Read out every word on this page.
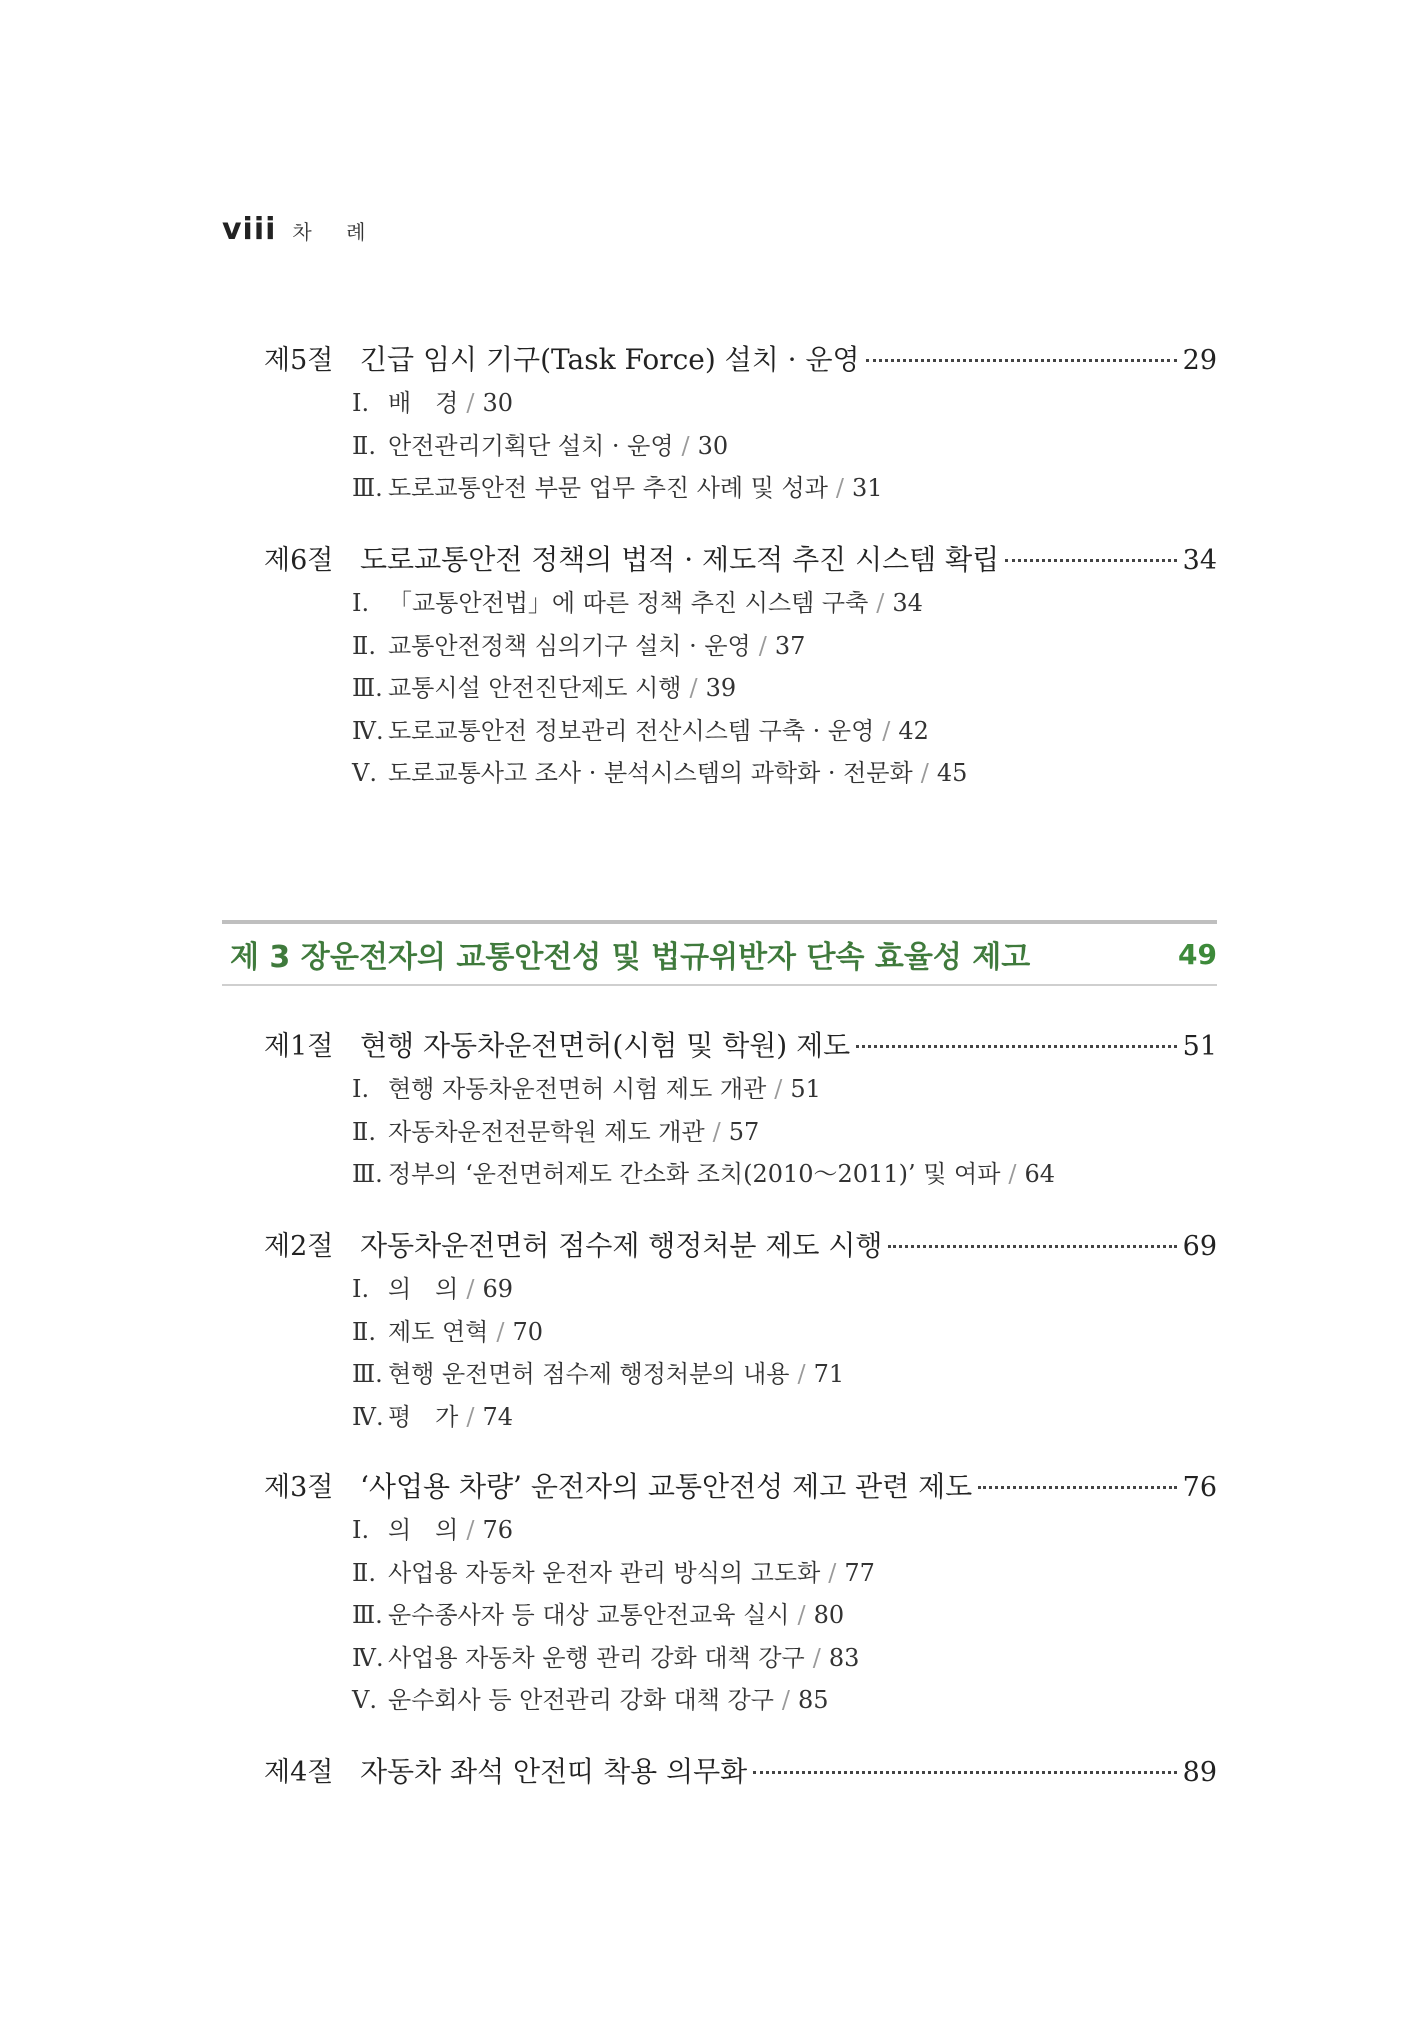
viii 차 례
제5절 긴급 임시 기구(Task Force) 설치 · 운영	29
Ⅰ. 배　경 / 30
Ⅱ. 안전관리기획단 설치 · 운영 / 30
Ⅲ. 도로교통안전 부문 업무 추진 사례 및 성과 / 31
제6절 도로교통안전 정책의 법적 · 제도적 추진 시스템 확립	34
Ⅰ. 「교통안전법」에 따른 정책 추진 시스템 구축 / 34
Ⅱ. 교통안전정책 심의기구 설치 · 운영 / 37
Ⅲ. 교통시설 안전진단제도 시행 / 39
Ⅳ. 도로교통안전 정보관리 전산시스템 구축 · 운영 / 42
Ⅴ. 도로교통사고 조사 · 분석시스템의 과학화 · 전문화 / 45
제 3 장 운전자의 교통안전성 및 법규위반자 단속 효율성 제고	49
제1절 현행 자동차운전면허(시험 및 학원) 제도	51
Ⅰ. 현행 자동차운전면허 시험 제도 개관 / 51
Ⅱ. 자동차운전전문학원 제도 개관 / 57
Ⅲ. 정부의 ‘운전면허제도 간소화 조치(2010～2011)’ 및 여파 / 64
제2절 자동차운전면허 점수제 행정처분 제도 시행	69
Ⅰ. 의　의 / 69
Ⅱ. 제도 연혁 / 70
Ⅲ. 현행 운전면허 점수제 행정처분의 내용 / 71
Ⅳ. 평　가 / 74
제3절 ‘사업용 차량’ 운전자의 교통안전성 제고 관련 제도	76
Ⅰ. 의　의 / 76
Ⅱ. 사업용 자동차 운전자 관리 방식의 고도화 / 77
Ⅲ. 운수종사자 등 대상 교통안전교육 실시 / 80
Ⅳ. 사업용 자동차 운행 관리 강화 대책 강구 / 83
Ⅴ. 운수회사 등 안전관리 강화 대책 강구 / 85
제4절 자동차 좌석 안전띠 착용 의무화	89
